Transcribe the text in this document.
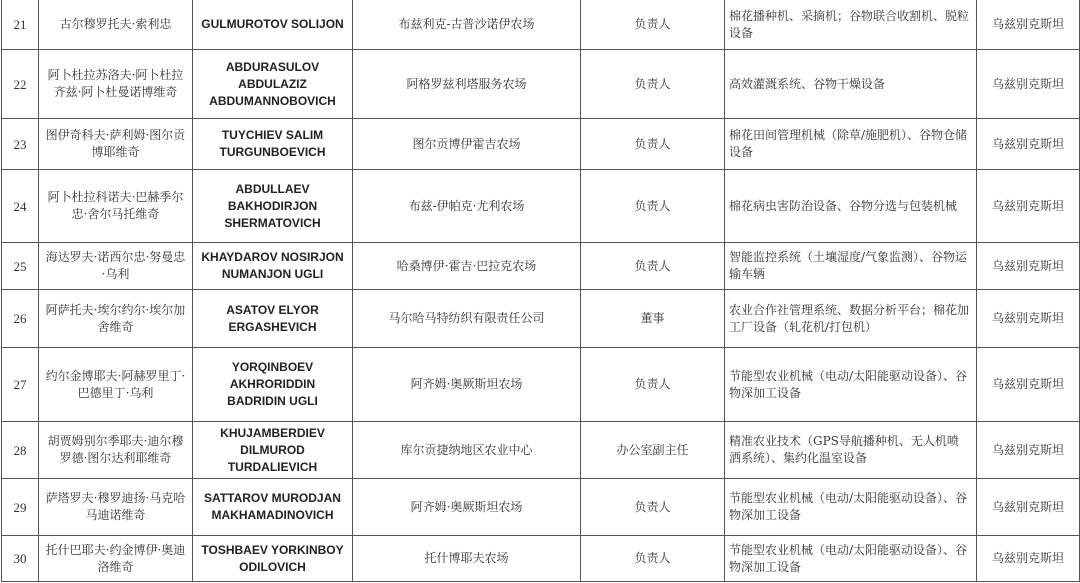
21	古尔穆罗托夫·索利忠	GULMUROTOV SOLIJON	布兹利克-古普沙诺伊农场	负责人	棉花播种机、采摘机；谷物联合收割机、脱粒设备	乌兹别克斯坦
22	阿卜杜拉苏洛夫·阿卜杜拉齐兹·阿卜杜曼诺博维奇	ABDURASULOV ABDULAZIZ ABDUMANNOBOVICH	阿格罗兹利塔服务农场	负责人	高效灌溉系统、谷物干燥设备	乌兹别克斯坦
23	图伊奇科夫·萨利姆·图尔贡博耶维奇	TUYCHIEV SALIM TURGUNBOEVICH	图尔贡博伊霍吉农场	负责人	棉花田间管理机械（除草/施肥机）、谷物仓储设备	乌兹别克斯坦
24	阿卜杜拉科诺夫·巴赫季尔忠·舍尔马托维奇	ABDULLAEV BAKHODIRJON SHERMATOVICH	布兹-伊帕克·尤利农场	负责人	棉花病虫害防治设备、谷物分选与包装机械	乌兹别克斯坦
25	海达罗夫·诺西尔忠·努曼忠·乌利	KHAYDAROV NOSIRJON NUMANJON UGLI	哈桑博伊·霍吉·巴拉克农场	负责人	智能监控系统（土壤湿度/气象监测）、谷物运输车辆	乌兹别克斯坦
26	阿萨托夫·埃尔约尔·埃尔加舍维奇	ASATOV ELYOR ERGASHEVICH	马尔哈马特纺织有限责任公司	董事	农业合作社管理系统、数据分析平台；棉花加工厂设备（轧花机/打包机）	乌兹别克斯坦
27	约尔金博耶夫·阿赫罗里丁·巴德里丁·乌利	YORQINBOEV AKHRORIDDIN BADRIDIN UGLI	阿齐姆·奥厥斯坦农场	负责人	节能型农业机械（电动/太阳能驱动设备）、谷物深加工设备	乌兹别克斯坦
28	胡贾姆别尔季耶夫·迪尔穆罗德·图尔达利耶维奇	KHUJAMBERDIEV DILMUROD TURDALIEVICH	库尔贡捷纳地区农业中心	办公室副主任	精准农业技术（GPS导航播种机、无人机喷洒系统）、集约化温室设备	乌兹别克斯坦
29	萨塔罗夫·穆罗迪扬·马克哈马迪诺维奇	SATTAROV MURODJAN MAKHAMADINOVICH	阿齐姆·奥厥斯坦农场	负责人	节能型农业机械（电动/太阳能驱动设备）、谷物深加工设备	乌兹别克斯坦
30	托什巴耶夫·约金博伊·奥迪洛维奇	TOSHBAEV YORKINBOY ODILOVICH	托什博耶夫农场	负责人	节能型农业机械（电动/太阳能驱动设备）、谷物深加工设备	乌兹别克斯坦
